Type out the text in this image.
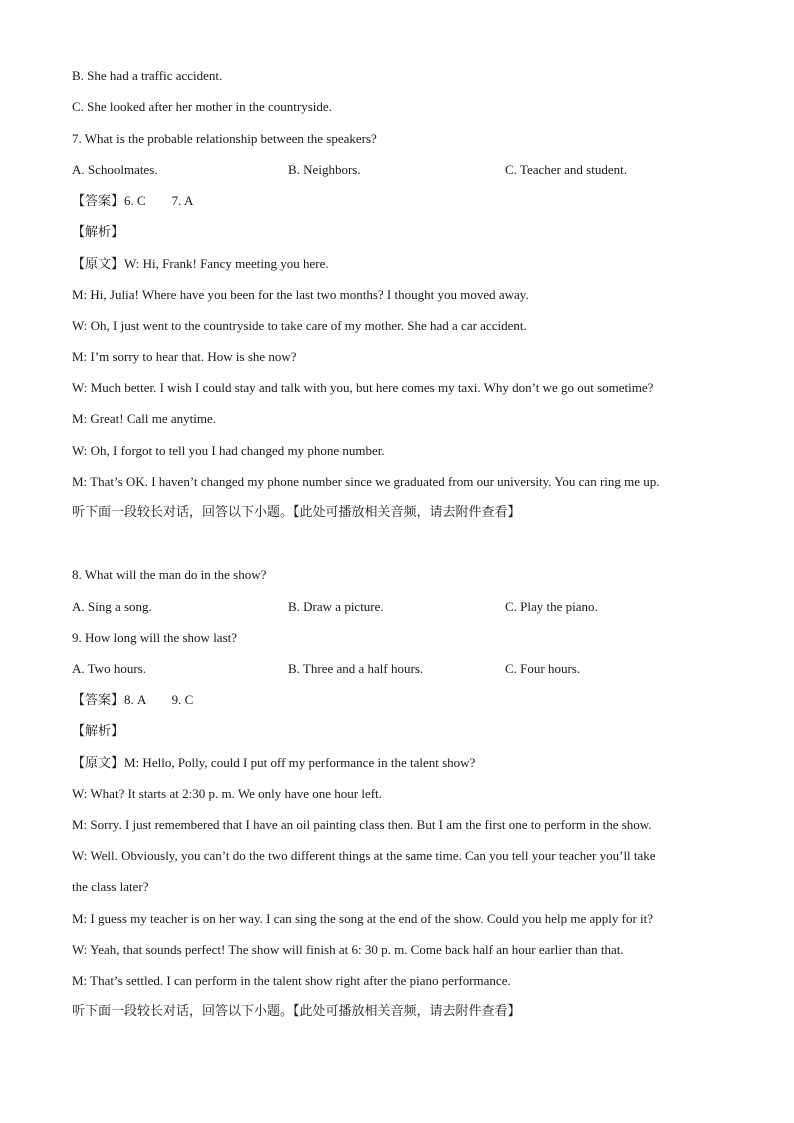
B. She had a traffic accident.
C. She looked after her mother in the countryside.
7. What is the probable relationship between the speakers?
A. Schoolmates.	B. Neighbors.	C. Teacher and student.
【答案】6. C        7. A
【解析】
【原文】W: Hi, Frank! Fancy meeting you here.
M: Hi, Julia! Where have you been for the last two months? I thought you moved away.
W: Oh, I just went to the countryside to take care of my mother. She had a car accident.
M: I’m sorry to hear that. How is she now?
W: Much better. I wish I could stay and talk with you, but here comes my taxi. Why don’t we go out sometime?
M: Great! Call me anytime.
W: Oh, I forgot to tell you I had changed my phone number.
M: That’s OK. I haven’t changed my phone number since we graduated from our university. You can ring me up.
听下面一段较长对话，回答以下小题。【此处可播放相关音频，请去附件查看】
8. What will the man do in the show?
A. Sing a song.	B. Draw a picture.	C. Play the piano.
9. How long will the show last?
A. Two hours.	B. Three and a half hours.	C. Four hours.
【答案】8. A        9. C
【解析】
【原文】M: Hello, Polly, could I put off my performance in the talent show?
W: What? It starts at 2:30 p. m. We only have one hour left.
M: Sorry. I just remembered that I have an oil painting class then. But I am the first one to perform in the show.
W: Well. Obviously, you can’t do the two different things at the same time. Can you tell your teacher you’ll take
the class later?
M: I guess my teacher is on her way. I can sing the song at the end of the show. Could you help me apply for it?
W: Yeah, that sounds perfect! The show will finish at 6: 30 p. m. Come back half an hour earlier than that.
M: That’s settled. I can perform in the talent show right after the piano performance.
听下面一段较长对话，回答以下小题。【此处可播放相关音频，请去附件查看】
